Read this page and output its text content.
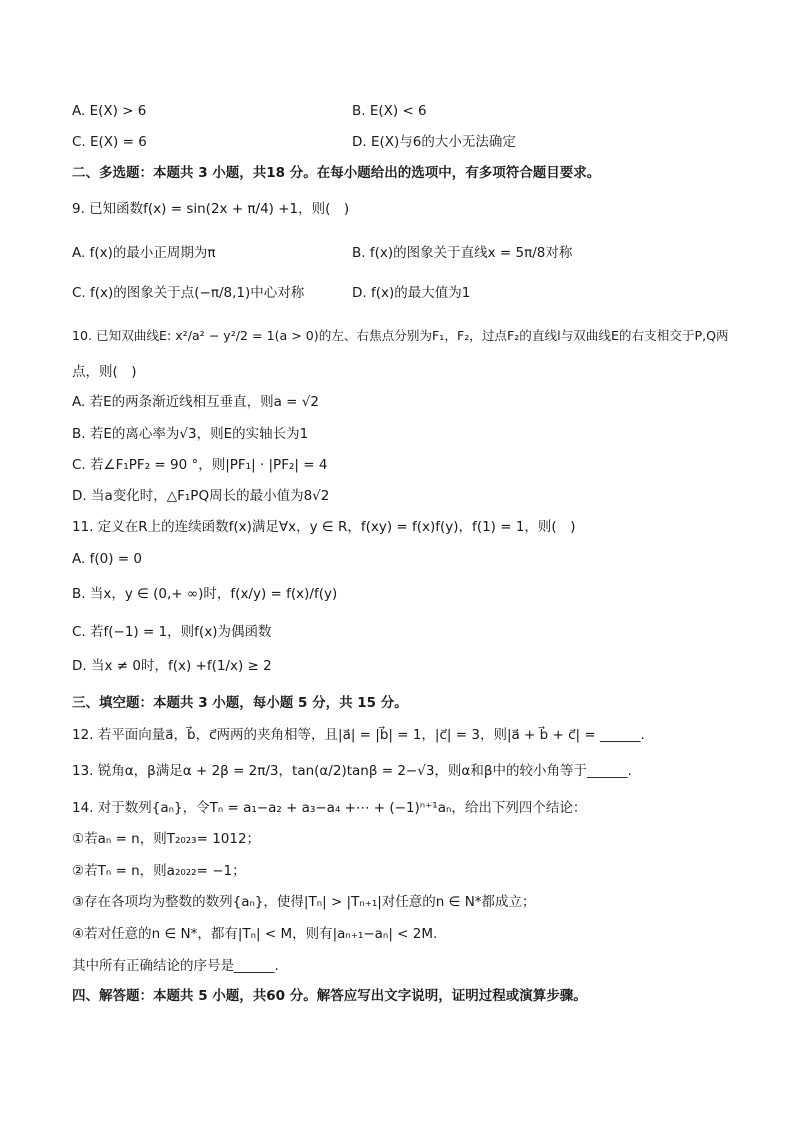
A. E(X) > 6	B. E(X) < 6
C. E(X) = 6	D. E(X)与6的大小无法确定
二、多选题：本题共 3 小题，共18 分。在每小题给出的选项中，有多项符合题目要求。
9. 已知函数f(x) = sin(2x + π/4) +1，则(　)
A. f(x)的最小正周期为π	B. f(x)的图象关于直线x = 5π/8对称
C. f(x)的图象关于点(−π/8,1)中心对称	D. f(x)的最大值为1
10. 已知双曲线E: x²/a² − y²/2 = 1(a > 0)的左、右焦点分别为F₁，F₂，过点F₂的直线l与双曲线E的右支相交于P,Q两
点，则(　)
A. 若E的两条渐近线相互垂直，则a = √2
B. 若E的离心率为√3，则E的实轴长为1
C. 若∠F₁PF₂ = 90 °，则|PF₁| · |PF₂| = 4
D. 当a变化时，△F₁PQ周长的最小值为8√2
11. 定义在R上的连续函数f(x)满足∀x，y ∈ R，f(xy) = f(x)f(y)，f(1) = 1，则(　)
A. f(0) = 0
B. 当x，y ∈ (0,+ ∞)时，f(x/y) = f(x)/f(y)
C. 若f(−1) = 1，则f(x)为偶函数
D. 当x ≠ 0时，f(x) +f(1/x) ≥ 2
三、填空题：本题共 3 小题，每小题 5 分，共 15 分。
12. 若平面向量a⃗，b⃗，c⃗两两的夹角相等，且|a⃗| = |b⃗| = 1，|c⃗| = 3，则|a⃗ + b⃗ + c⃗| = ______.
13. 锐角α，β满足α + 2β = 2π/3，tan(α/2)tanβ = 2−√3，则α和β中的较小角等于______.
14. 对于数列{aₙ}，令Tₙ = a₁−a₂ + a₃−a₄ +⋯ + (−1)ⁿ⁺¹aₙ，给出下列四个结论：
①若aₙ = n，则T₂₀₂₃= 1012；
②若Tₙ = n，则a₂₀₂₂= −1；
③存在各项均为整数的数列{aₙ}，使得|Tₙ| > |Tₙ₊₁|对任意的n ∈ N*都成立；
④若对任意的n ∈ N*，都有|Tₙ| < M，则有|aₙ₊₁−aₙ| < 2M.
其中所有正确结论的序号是______.
四、解答题：本题共 5 小题，共60 分。解答应写出文字说明，证明过程或演算步骤。
